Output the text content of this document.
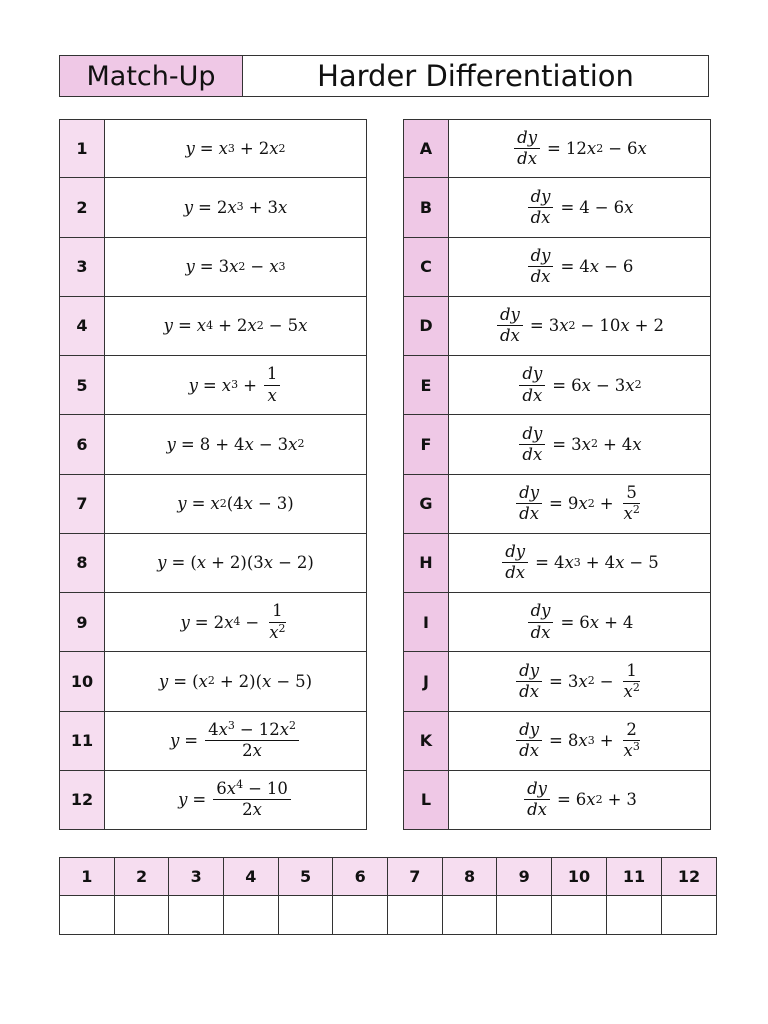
Match-Up	Harder Differentiation
1	y = x 3 + 2 x 2
2	y = 2 x 3 + 3 x
3	y = 3 x 2 − x 3
4	y = x 4 + 2 x 2 − 5 x
5	y = x $3 + \frac{1}{x}$
6	y = 8 + 4 x − 3 x 2
7	y = x 2 (4 x − 3)
8	y = ( x + 2)(3 x − 2)
9	y = 2 x $4 - \frac{1}{x^2}$
10	y = ( x 2 + 2)( x − 5)
11	$y = \frac{4x^3 - 12x^2}{2x}$
12	$y = \frac{6x^4 - 10}{2x}$
A	$\frac{dy}{dx} = 12$ x 2 − 6 x
B	$\frac{dy}{dx} = 4 - 6$ x
C	$\frac{dy}{dx} = 4$ x − 6
D	$\frac{dy}{dx} = 3$ x 2 − 10 x + 2
E	$\frac{dy}{dx} = 6$ x − 3 x 2
F	$\frac{dy}{dx} = 3$ x 2 + 4 x
G	$\frac{dy}{dx} = 9$ x $2 + \frac{5}{x^2}$
H	$\frac{dy}{dx} = 4$ x 3 + 4 x − 5
I	$\frac{dy}{dx} = 6$ x + 4
J	$\frac{dy}{dx} = 3$ x $2 - \frac{1}{x^2}$
K	$\frac{dy}{dx} = 8$ x $3 + \frac{2}{x^3}$
L	$\frac{dy}{dx} = 6$ x 2 + 3
1	2	3	4	5	6	7	8	9	10	11	12
